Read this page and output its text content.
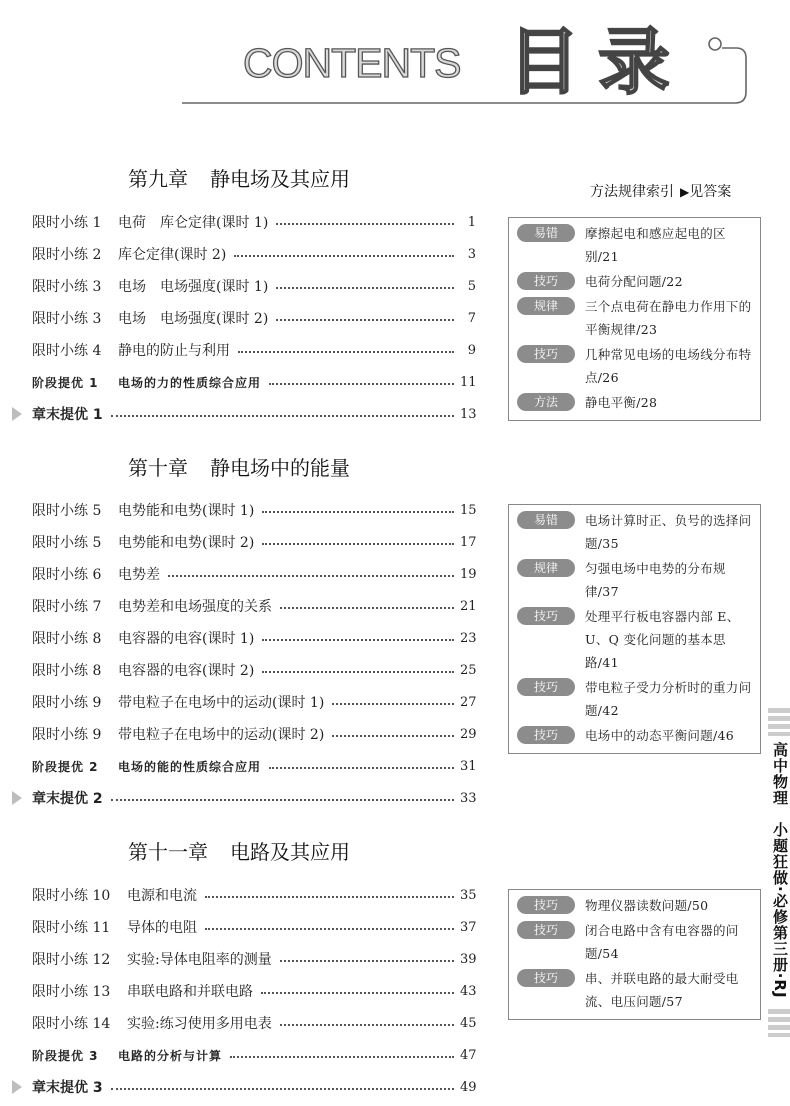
CONTENTS 目录
第九章 静电场及其应用
第十章 静电场中的能量
第十一章 电路及其应用
方法规律索引 ▶见答案
限时小练 1	电荷　库仑定律(课时 1)	1
限时小练 2	库仑定律(课时 2)	3
限时小练 3	电场　电场强度(课时 1)	5
限时小练 3	电场　电场强度(课时 2)	7
限时小练 4	静电的防止与利用	9
阶段提优 1	电场的力的性质综合应用	11
章末提优 1	13
限时小练 5	电势能和电势(课时 1)	15
限时小练 5	电势能和电势(课时 2)	17
限时小练 6	电势差	19
限时小练 7	电势差和电场强度的关系	21
限时小练 8	电容器的电容(课时 1)	23
限时小练 8	电容器的电容(课时 2)	25
限时小练 9	带电粒子在电场中的运动(课时 1)	27
限时小练 9	带电粒子在电场中的运动(课时 2)	29
阶段提优 2	电场的能的性质综合应用	31
章末提优 2	33
限时小练 10	电源和电流	35
限时小练 11	导体的电阻	37
限时小练 12	实验:导体电阻率的测量	39
限时小练 13	串联电路和并联电路	43
限时小练 14	实验:练习使用多用电表	45
阶段提优 3	电路的分析与计算	47
章末提优 3	49
易错	摩擦起电和感应起电的区别/21
技巧	电荷分配问题/22
规律	三个点电荷在静电力作用下的平衡规律/23
技巧	几种常见电场的电场线分布特点/26
方法	静电平衡/28
易错	电场计算时正、负号的选择问题/35
规律	匀强电场中电势的分布规律/37
技巧	处理平行板电容器内部 E、U、Q 变化问题的基本思路/41
技巧	带电粒子受力分析时的重力问题/42
技巧	电场中的动态平衡问题/46
技巧	物理仪器读数问题/50
技巧	闭合电路中含有电容器的问题/54
技巧	串、并联电路的最大耐受电流、电压问题/57
高中物理　小题狂做·必修第三册·RJ
